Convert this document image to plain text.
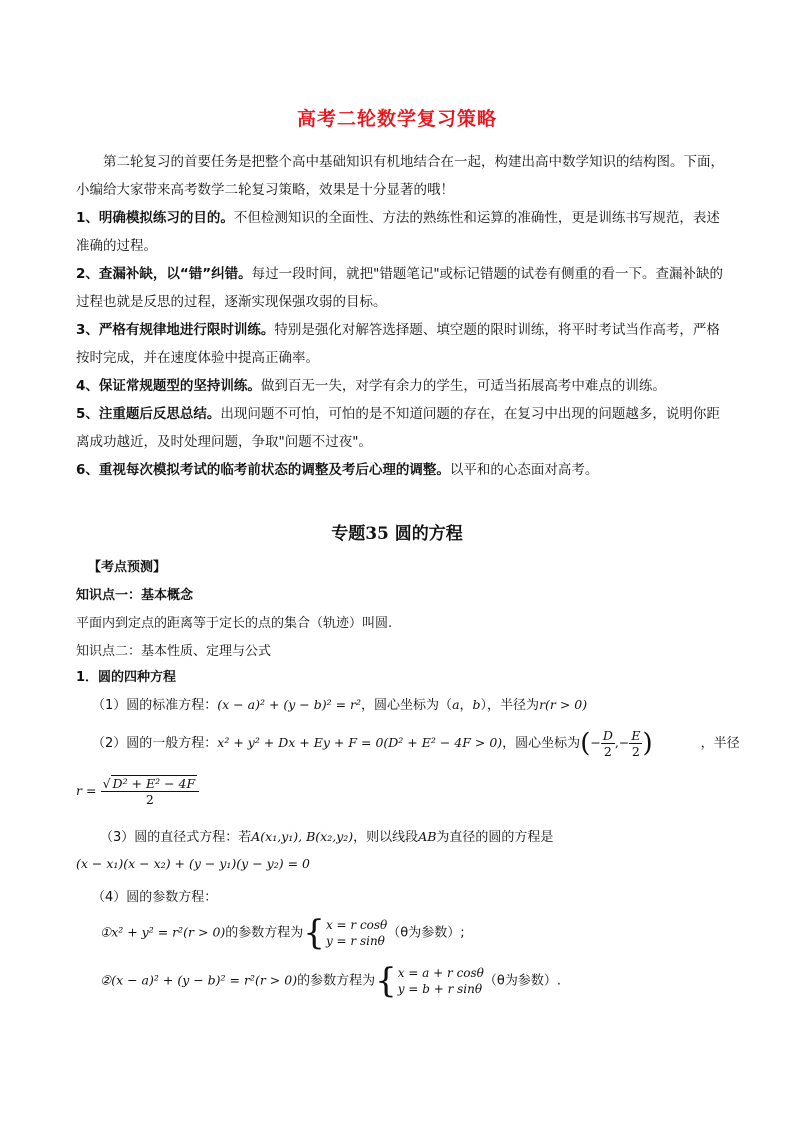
高考二轮数学复习策略
第二轮复习的首要任务是把整个高中基础知识有机地结合在一起，构建出高中数学知识的结构图。下面，小编给大家带来高考数学二轮复习策略，效果是十分显著的哦！
1、明确模拟练习的目的。不但检测知识的全面性、方法的熟练性和运算的准确性，更是训练书写规范，表述准确的过程。
2、查漏补缺，以“错”纠错。每过一段时间，就把"错题笔记"或标记错题的试卷有侧重的看一下。查漏补缺的过程也就是反思的过程，逐渐实现保强攻弱的目标。
3、严格有规律地进行限时训练。特别是强化对解答选择题、填空题的限时训练，将平时考试当作高考，严格按时完成，并在速度体验中提高正确率。
4、保证常规题型的坚持训练。做到百无一失，对学有余力的学生，可适当拓展高考中难点的训练。
5、注重题后反思总结。出现问题不可怕，可怕的是不知道问题的存在，在复习中出现的问题越多，说明你距离成功越近，及时处理问题，争取"问题不过夜"。
6、重视每次模拟考试的临考前状态的调整及考后心理的调整。以平和的心态面对高考。
专题35 圆的方程
【考点预测】
知识点一：基本概念
平面内到定点的距离等于定长的点的集合（轨迹）叫圆.
知识点二：基本性质、定理与公式
1．圆的四种方程
（1）圆的标准方程：(x − a)² + (y − b)² = r²，圆心坐标为（a，b），半径为r(r > 0)
（2）圆的一般方程：x² + y² + Dx + Ey + F = 0(D² + E² − 4F > 0)，圆心坐标为(− $\frac{D}{2}$ ,− $\frac{E}{2}$ )	，半径
$r = \frac{\text{√ D² + E² − 4F}}{2}$
（3）圆的直径式方程：若A(x₁,y₁), B(x₂,y₂)，则以线段AB为直径的圆的方程是
(x − x₁)(x − x₂) + (y − y₁)(y − y₂) = 0
（4）圆的参数方程：
①x² + y² = r²(r > 0)的参数方程为{ x = r cosθ
y = r sinθ
（θ为参数）;
②(x − a)² + (y − b)² = r²(r > 0)的参数方程为{ x = a + r cosθ
y = b + r sinθ
（θ为参数）.
